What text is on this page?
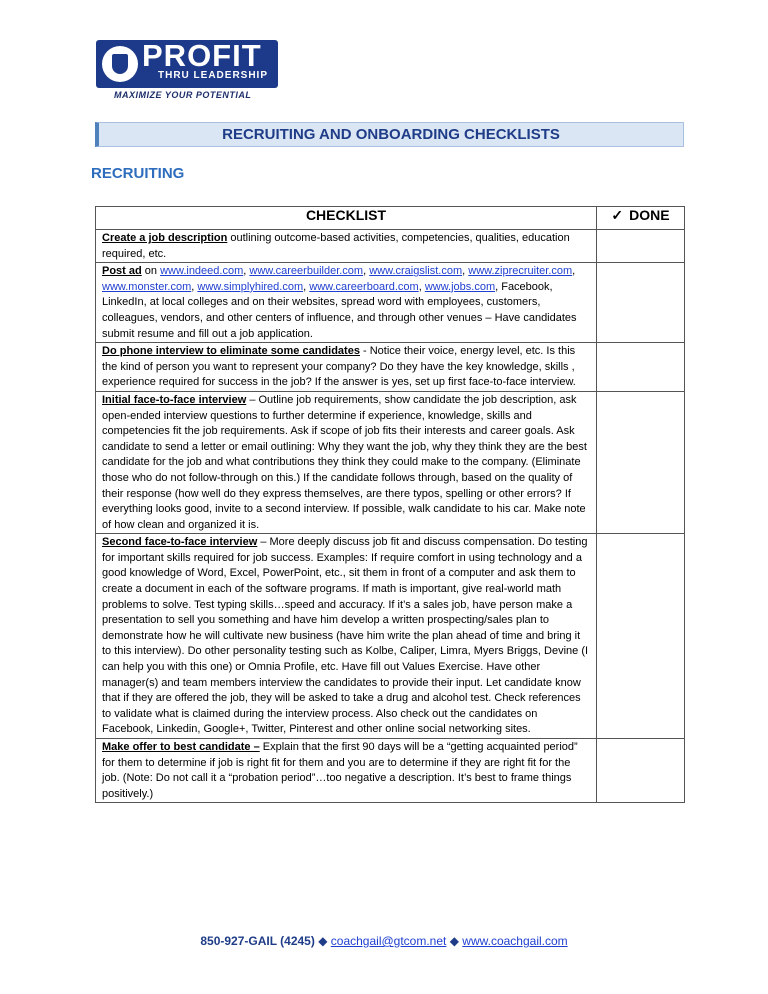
PROFIT
THRU LEADERSHIP
MAXIMIZE YOUR POTENTIAL
RECRUITING AND ONBOARDING CHECKLISTS
RECRUITING
CHECKLIST	✓ DONE
Create a job description outlining outcome-based activities, competencies, qualities, education required, etc.	
Post ad on www.indeed.com, www.careerbuilder.com, www.craigslist.com, www.ziprecruiter.com, www.monster.com, www.simplyhired.com, www.careerboard.com, www.jobs.com, Facebook, LinkedIn, at local colleges and on their websites, spread word with employees, customers, colleagues, vendors, and other centers of influence, and through other venues – Have candidates submit resume and fill out a job application.	
Do phone interview to eliminate some candidates - Notice their voice, energy level, etc. Is this the kind of person you want to represent your company? Do they have the key knowledge, skills , experience required for success in the job? If the answer is yes, set up first face-to-face interview.	
Initial face-to-face interview – Outline job requirements, show candidate the job description, ask open-ended interview questions to further determine if experience, knowledge, skills and competencies fit the job requirements. Ask if scope of job fits their interests and career goals. Ask candidate to send a letter or email outlining: Why they want the job, why they think they are the best candidate for the job and what contributions they think they could make to the company. (Eliminate those who do not follow-through on this.) If the candidate follows through, based on the quality of their response (how well do they express themselves, are there typos, spelling or other errors? If everything looks good, invite to a second interview. If possible, walk candidate to his car. Make note of how clean and organized it is.	
Second face-to-face interview – More deeply discuss job fit and discuss compensation. Do testing for important skills required for job success. Examples: If require comfort in using technology and a good knowledge of Word, Excel, PowerPoint, etc., sit them in front of a computer and ask them to create a document in each of the software programs. If math is important, give real-world math problems to solve. Test typing skills…speed and accuracy. If it’s a sales job, have person make a presentation to sell you something and have him develop a written prospecting/sales plan to demonstrate how he will cultivate new business (have him write the plan ahead of time and bring it to this interview). Do other personality testing such as Kolbe, Caliper, Limra, Myers Briggs, Devine (I can help you with this one) or Omnia Profile, etc. Have fill out Values Exercise. Have other manager(s) and team members interview the candidates to provide their input. Let candidate know that if they are offered the job, they will be asked to take a drug and alcohol test. Check references to validate what is claimed during the interview process. Also check out the candidates on Facebook, Linkedin, Google+, Twitter, Pinterest and other online social networking sites.	
Make offer to best candidate – Explain that the first 90 days will be a “getting acquainted period” for them to determine if job is right fit for them and you are to determine if they are right fit for the job. (Note: Do not call it a “probation period”…too negative a description. It’s best to frame things positively.)	
850-927-GAIL (4245) ◆ coachgail@gtcom.net ◆ www.coachgail.com
